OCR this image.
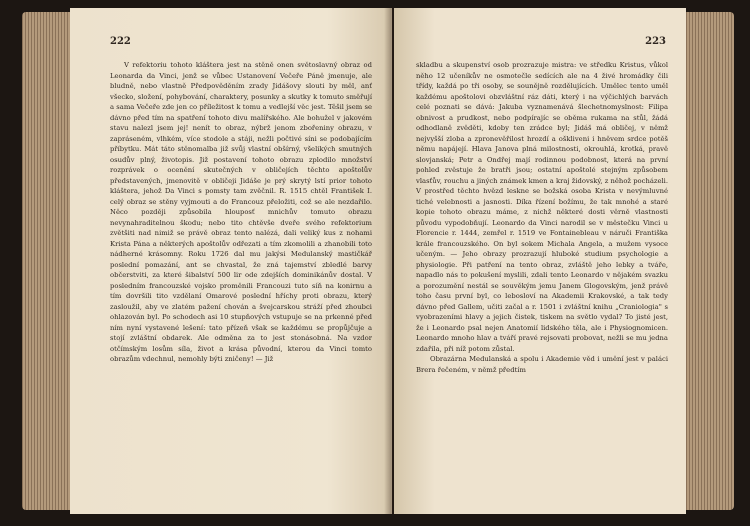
222

V refektoriu tohoto kláštera jest na stěně onen světoslavný obraz od Leonarda da Vinci, jenž se vůbec Ustanovení Večeře Páně jmenuje, ale bludně, nebo vlastně Předpověděním zrady Jidášovy slouti by měl, anť všecko, složení, pohybování, charaktery, posunky a skutky k tomuto směřují a sama Večeře zde jen co příležitost k tomu a vedlejší věc jest. Těšil jsem se dávno před tím na spatření tohoto divu malířského. Ale bohužel v jakovém stavu nalezl jsem jej! nenít to obraz, nýbrž jenom zbořeniny obrazu, v zapráseném, vlhkém, více stodole a stáji, nežli počtivé síni se podobajícím příbytku. Mát táto stěnomalba již svůj vlastní obšírný, všelikých smutných osudův plný, životopis. Již postavení tohoto obrazu zplodilo množství rozprávek o ocenění skutečných v obličejích těchto apoštolův představených, jmenovitě v obličeji Jidáše je prý skrytý lstí prior tohoto kláštera, jehož Da Vinci s pomsty tam zvěčnil. R. 1515 chtěl František I. celý obraz se stěny vyjmouti a do Francouz přeložiti, což se ale nezdařilo. Něco později způsobila hlouposť mnichův tomuto obrazu nevynahraditelnou škodu; nebo tito chtěvše dveře svého refektorium zvětšiti nad nimiž se právě obraz tento nalézá, dali veliký kus z nohami Krista Pána a některých apoštolův odřezati a tím zkomolili a zhanobili toto nádherné krásomny. Roku 1726 dal mu jakýsi Medulanský mastičkář poslední pomazání, ant se chvastal, že zná tajemství zbledlé barvy občerstviti, za které šibalství 500 lir ode zdejších dominikánův dostal. V posledním francouzské vojsko proměnili Francouzi tuto síň na konirnu a tím dovršili tito vzdělaní Omarové poslední hříchy proti obrazu, který zasloužil, aby ve zlatém pažení chován a švejcarskou stráží před zhoubci ohlazován byl. Po schodech asi 10 stupňových vstupuje se na prkenné před ním nyní vystavené lešení: tato přízeň však se každému se propůjčuje a stojí zvláštní obdarek. Ale odměna za to jest stonásobná. Na vzdor otčímským losům síla, život a krása původní, kterou da Vinci tomto obrazům vdechnul, nemohly býti zničeny! — Již

223

skladbu a skupenství osob prozrazuje mistra: ve středku Kristus, vůkol něho 12 učeníkův ne osmotečle sedících ale na 4 živé hromádky čili třídy, každá po tři osoby, se sounějně rozdělujících. Umělec tento uměl každému apoštolovi obzvláštní ráz dáti, který i na výčichlých barvách celé poznati se dává: Jakuba vyznamenává šlechetnomyslnost: Filipa obnivost a prudkost, nebo podpírajíc se oběma rukama na stůl, žádá odhodlaně zvěděti, kdoby ten zrádce byl; Jidáš má obličej, v němž nejvyšší zloba a zpronevěřilost hrozdí a oškliveni i hněvem srdce potěš němu napájejí. Hlava Janova plná milostnosti, okrouhlá, krotká, pravě slovjanská; Petr a Ondřej mají rodinnou podobnost, která na první pohled zvěstuje že bratři jsou; ostatní apoštolé stejným způsobem vlasťův, rouchu a jiných známek kmen a kraj židovský, z něhož pocházeli. V prostřed těchto hvězd leskne se božská osoba Krista v nevýmluvné tiché velebnosti a jasnosti. Díka řízení božímu, že tak mnohé a staré kopie tohoto obrazu máme, z nichž některé dosti věrně vlastnosti původu vypodobňují. Leonardo da Vinci narodil se v městečku Vinci u Florencie r. 1444, zemřel r. 1519 ve Fontainebleau v náruči Františka krále francouzského. On byl sokem Michala Angela, a mužem vysoce učeným. — Jeho obrazy prozrazují hluboké studium psychologie a physiologie. Při patření na tento obraz, zvláště jeho lebky a tváře, napadlo nás to pokušení myslili, zdali tento Leonardo v nějakém svazku a porozumění nestál se souvěkým jemu Janem Glogovským, jenž právě toho času první byl, co lebosloví na Akademii Krakovské, a tak tedy dávno před Gallem, učiti začal a r. 1501 i zvláštní knihu „Craniologia" s vyobrazeními hlavy a jejich čistek, tiskem na světlo vydal? To jisté jest, že i Leonardo psal nejen Anatomií lidského těla, ale i Physiognomicen. Leonardo mnoho hlav a tváří pravé rejsovati probovat, nežli se mu jedna zdařila, při níž potom zůstal.

Obrazárna Medulanská a spolu i Akademie věd i umění jest v paláci Brera řečeném, v němž předtím
